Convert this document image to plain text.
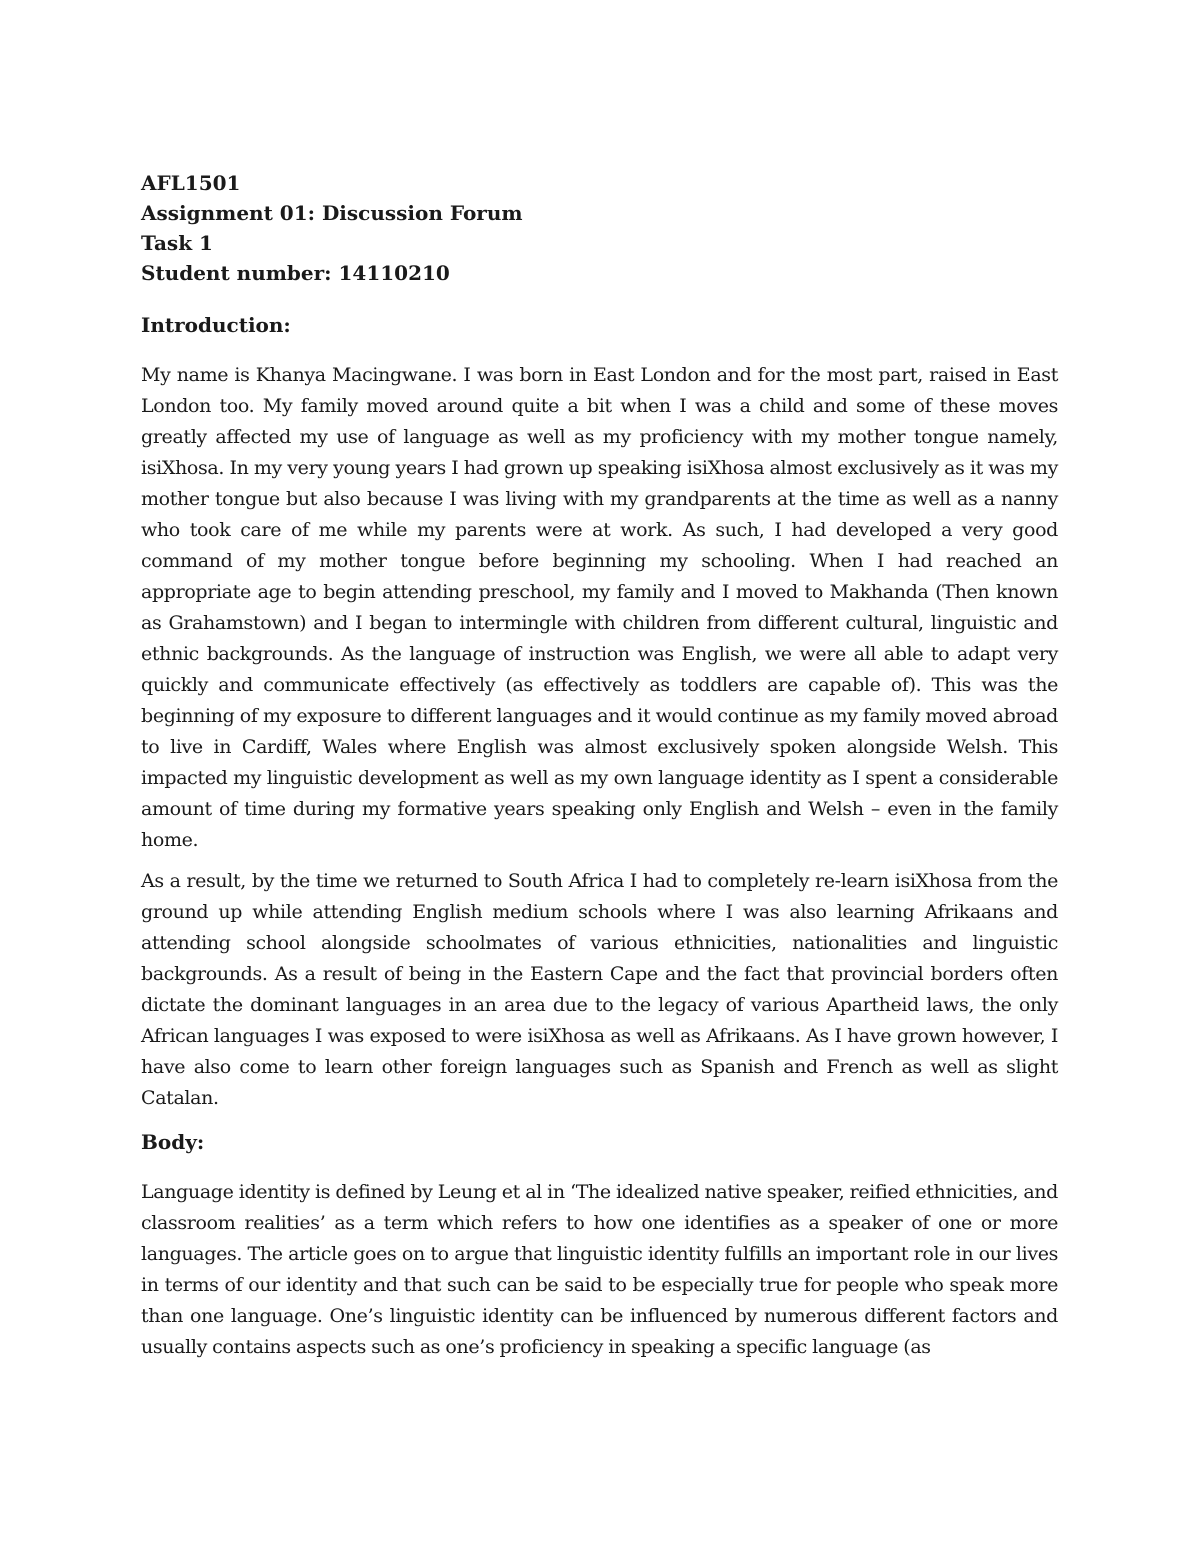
AFL1501

Assignment 01: Discussion Forum

Task 1

Student number: 14110210

Introduction:

My name is Khanya Macingwane. I was born in East London and for the most part, raised in East London too. My family moved around quite a bit when I was a child and some of these moves greatly affected my use of language as well as my proficiency with my mother tongue namely, isiXhosa. In my very young years I had grown up speaking isiXhosa almost exclusively as it was my mother tongue but also because I was living with my grandparents at the time as well as a nanny who took care of me while my parents were at work. As such, I had developed a very good command of my mother tongue before beginning my schooling. When I had reached an appropriate age to begin attending preschool, my family and I moved to Makhanda (Then known as Grahamstown) and I began to intermingle with children from different cultural, linguistic and ethnic backgrounds. As the language of instruction was English, we were all able to adapt very quickly and communicate effectively (as effectively as toddlers are capable of). This was the beginning of my exposure to different languages and it would continue as my family moved abroad to live in Cardiff, Wales where English was almost exclusively spoken alongside Welsh. This impacted my linguistic development as well as my own language identity as I spent a considerable amount of time during my formative years speaking only English and Welsh – even in the family home.

As a result, by the time we returned to South Africa I had to completely re-learn isiXhosa from the ground up while attending English medium schools where I was also learning Afrikaans and attending school alongside schoolmates of various ethnicities, nationalities and linguistic backgrounds. As a result of being in the Eastern Cape and the fact that provincial borders often dictate the dominant languages in an area due to the legacy of various Apartheid laws, the only African languages I was exposed to were isiXhosa as well as Afrikaans. As I have grown however, I have also come to learn other foreign languages such as Spanish and French as well as slight Catalan.

Body:

Language identity is defined by Leung et al in ‘The idealized native speaker, reified ethnicities, and classroom realities’ as a term which refers to how one identifies as a speaker of one or more languages. The article goes on to argue that linguistic identity fulfills an important role in our lives in terms of our identity and that such can be said to be especially true for people who speak more than one language. One’s linguistic identity can be influenced by numerous different factors and usually contains aspects such as one’s proficiency in speaking a specific language (as
